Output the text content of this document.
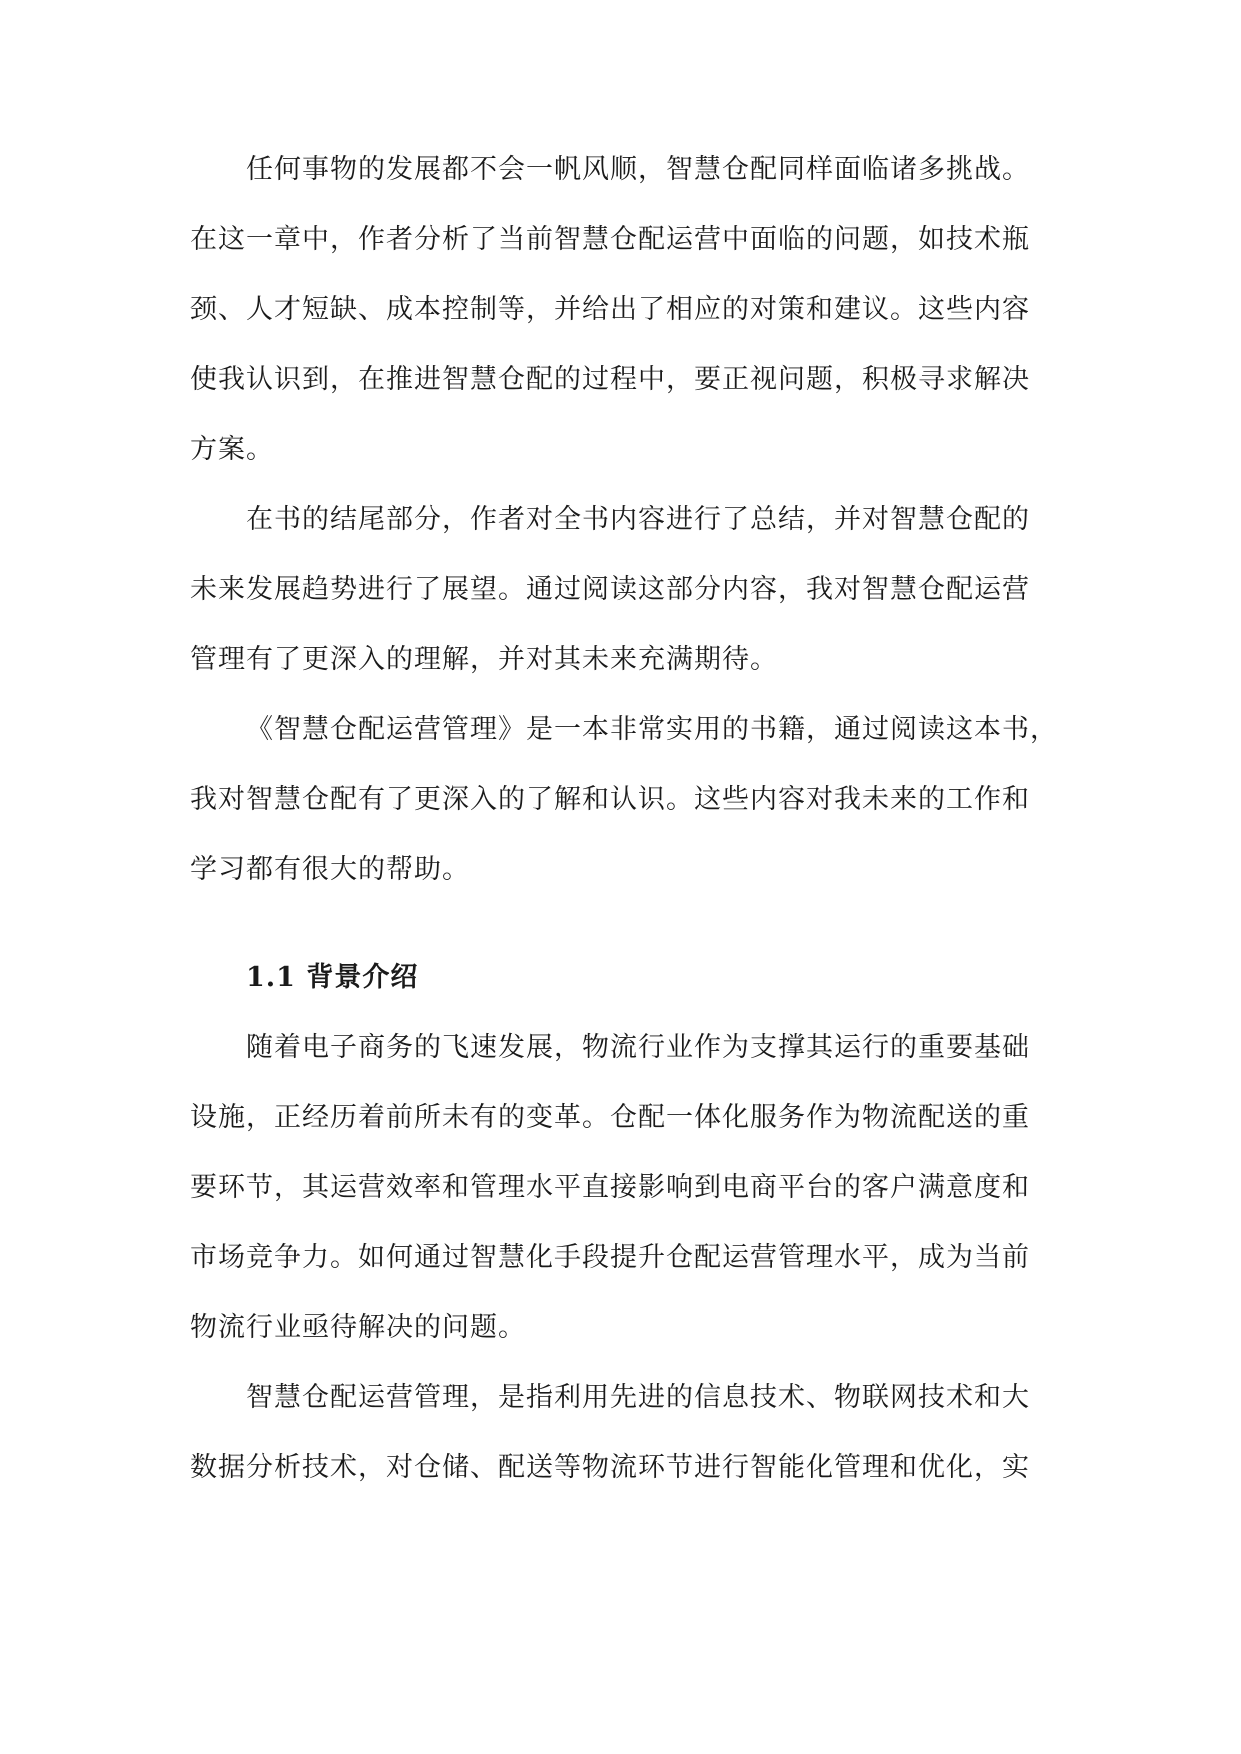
任何事物的发展都不会一帆风顺，智慧仓配同样面临诸多挑战。
在这一章中，作者分析了当前智慧仓配运营中面临的问题，如技术瓶
颈、人才短缺、成本控制等，并给出了相应的对策和建议。这些内容
使我认识到，在推进智慧仓配的过程中，要正视问题，积极寻求解决
方案。
在书的结尾部分，作者对全书内容进行了总结，并对智慧仓配的
未来发展趋势进行了展望。通过阅读这部分内容，我对智慧仓配运营
管理有了更深入的理解，并对其未来充满期待。
《智慧仓配运营管理》是一本非常实用的书籍，通过阅读这本书，
我对智慧仓配有了更深入的了解和认识。这些内容对我未来的工作和
学习都有很大的帮助。
1.1 背景介绍
随着电子商务的飞速发展，物流行业作为支撑其运行的重要基础
设施，正经历着前所未有的变革。仓配一体化服务作为物流配送的重
要环节，其运营效率和管理水平直接影响到电商平台的客户满意度和
市场竞争力。如何通过智慧化手段提升仓配运营管理水平，成为当前
物流行业亟待解决的问题。
智慧仓配运营管理，是指利用先进的信息技术、物联网技术和大
数据分析技术，对仓储、配送等物流环节进行智能化管理和优化，实
